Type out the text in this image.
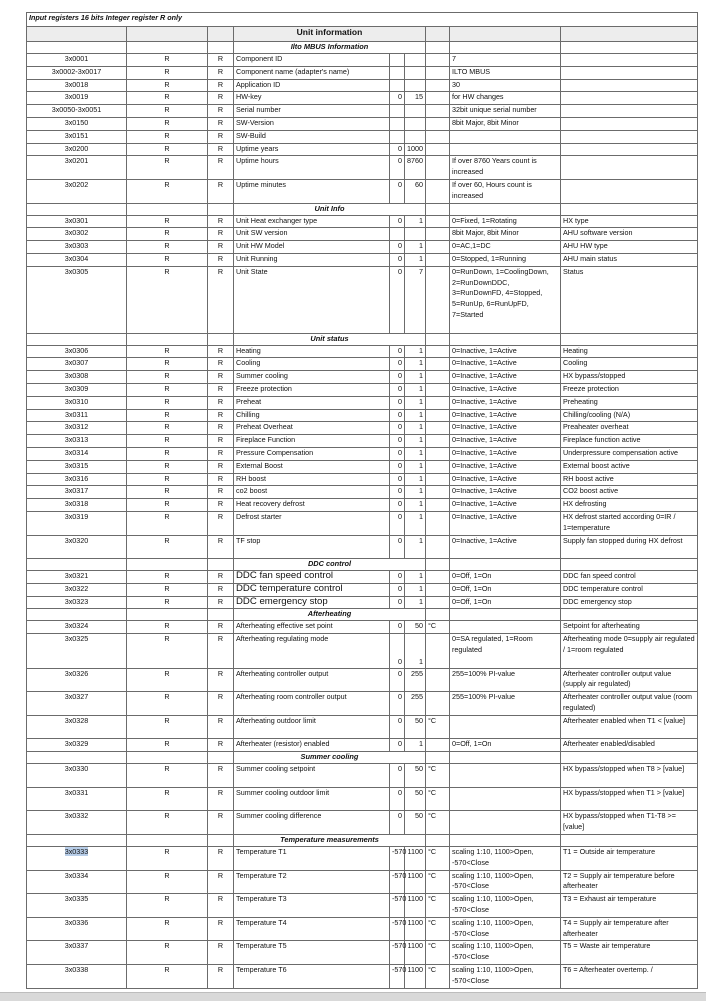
Input registers 16 bits Integer register R only								
			Unit information					
			Ilto MBUS Information					
3x0001	R	R	Component ID				7	
3x0002-3x0017	R	R	Component name (adapter's name)				ILTO MBUS	
3x0018	R	R	Application ID				30	
3x0019	R	R	HW-key	0	15		for HW changes	
3x0050-3x0051	R	R	Serial number				32bit unique serial number	
3x0150	R	R	SW-Version				8bit Major, 8bit Minor	
3x0151	R	R	SW-Build					
3x0200	R	R	Uptime years	0	1000			
3x0201	R	R	Uptime hours	0	8760		If over 8760 Years count is increased	
3x0202	R	R	Uptime minutes	0	60		If over 60, Hours count is increased	
			Unit Info					
3x0301	R	R	Unit Heat exchanger type	0	1		0=Fixed, 1=Rotating	HX type
3x0302	R	R	Unit SW version				8bit Major, 8bit Minor	AHU software version
3x0303	R	R	Unit HW Model	0	1		0=AC,1=DC	AHU HW type
3x0304	R	R	Unit Running	0	1		0=Stopped, 1=Running	AHU main status
3x0305	R	R	Unit State	0	7		0=RunDown, 1=CoolingDown, 2=RunDownDDC, 3=RunDownFD, 4=Stopped, 5=RunUp, 6=RunUpFD, 7=Started	Status
			Unit status					
3x0306	R	R	Heating	0	1		0=Inactive, 1=Active	Heating
3x0307	R	R	Cooling	0	1		0=Inactive, 1=Active	Cooling
3x0308	R	R	Summer cooling	0	1		0=Inactive, 1=Active	HX bypass/stopped
3x0309	R	R	Freeze protection	0	1		0=Inactive, 1=Active	Freeze protection
3x0310	R	R	Preheat	0	1		0=Inactive, 1=Active	Preheating
3x0311	R	R	Chilling	0	1		0=Inactive, 1=Active	Chilling/cooling (N/A)
3x0312	R	R	Preheat Overheat	0	1		0=Inactive, 1=Active	Preaheater overheat
3x0313	R	R	Fireplace Function	0	1		0=Inactive, 1=Active	Fireplace function active
3x0314	R	R	Pressure Compensation	0	1		0=Inactive, 1=Active	Underpressure compensation active
3x0315	R	R	External Boost	0	1		0=Inactive, 1=Active	External boost active
3x0316	R	R	RH boost	0	1		0=Inactive, 1=Active	RH boost active
3x0317	R	R	co2 boost	0	1		0=Inactive, 1=Active	CO2 boost active
3x0318	R	R	Heat recovery defrost	0	1		0=Inactive, 1=Active	HX defrosting
3x0319	R	R	Defrost starter	0	1		0=Inactive, 1=Active	HX defrost started according 0=IR / 1=temperature
3x0320	R	R	TF stop	0	1		0=Inactive, 1=Active	Supply fan stopped during HX defrost
			DDC control					
3x0321	R	R	DDC fan speed control	0	1		0=Off, 1=On	DDC fan speed control
3x0322	R	R	DDC temperature control	0	1		0=Off, 1=On	DDC temperature control
3x0323	R	R	DDC emergency stop	0	1		0=Off, 1=On	DDC emergency stop
			Afterheating					
3x0324	R	R	Afterheating effective set point	0	50	°C		Setpoint for afterheating
3x0325	R	R	Afterheating regulating mode	0	1		0=SA regulated, 1=Room regulated	Afterheating mode 0=supply air regulated / 1=room regulated
3x0326	R	R	Afterheating controller output	0	255		255=100% PI-value	Afterheater controller output value (supply air regulated)
3x0327	R	R	Afterheating room controller output	0	255		255=100% PI-value	Afterheater controller output value (room regulated)
3x0328	R	R	Afterheating outdoor limit	0	50	°C		Afterheater enabled when T1 < [value]
3x0329	R	R	Afterheater (resistor) enabled	0	1		0=Off, 1=On	Afterheater enabled/disabled
			Summer cooling					
3x0330	R	R	Summer cooling setpoint	0	50	°C		HX bypass/stopped when T8 > [value]
3x0331	R	R	Summer cooling outdoor limit	0	50	°C		HX bypass/stopped when T1 > [value]
3x0332	R	R	Summer cooling difference	0	50	°C		HX bypass/stopped when T1-T8 >= [value]
			Temperature measurements					
3x0333	R	R	Temperature T1	-570	1100	°C	scaling 1:10, 1100>Open, -570<Close	T1 = Outside air temperature
3x0334	R	R	Temperature T2	-570	1100	°C	scaling 1:10, 1100>Open, -570<Close	T2 = Supply air temperature before afterheater
3x0335	R	R	Temperature T3	-570	1100	°C	scaling 1:10, 1100>Open, -570<Close	T3 = Exhaust air temperature
3x0336	R	R	Temperature T4	-570	1100	°C	scaling 1:10, 1100>Open, -570<Close	T4 = Supply air temperature after afterheater
3x0337	R	R	Temperature T5	-570	1100	°C	scaling 1:10, 1100>Open, -570<Close	T5 = Waste air temperature
3x0338	R	R	Temperature T6	-570	1100	°C	scaling 1:10, 1100>Open, -570<Close	T6 = Afterheater overtemp. /
